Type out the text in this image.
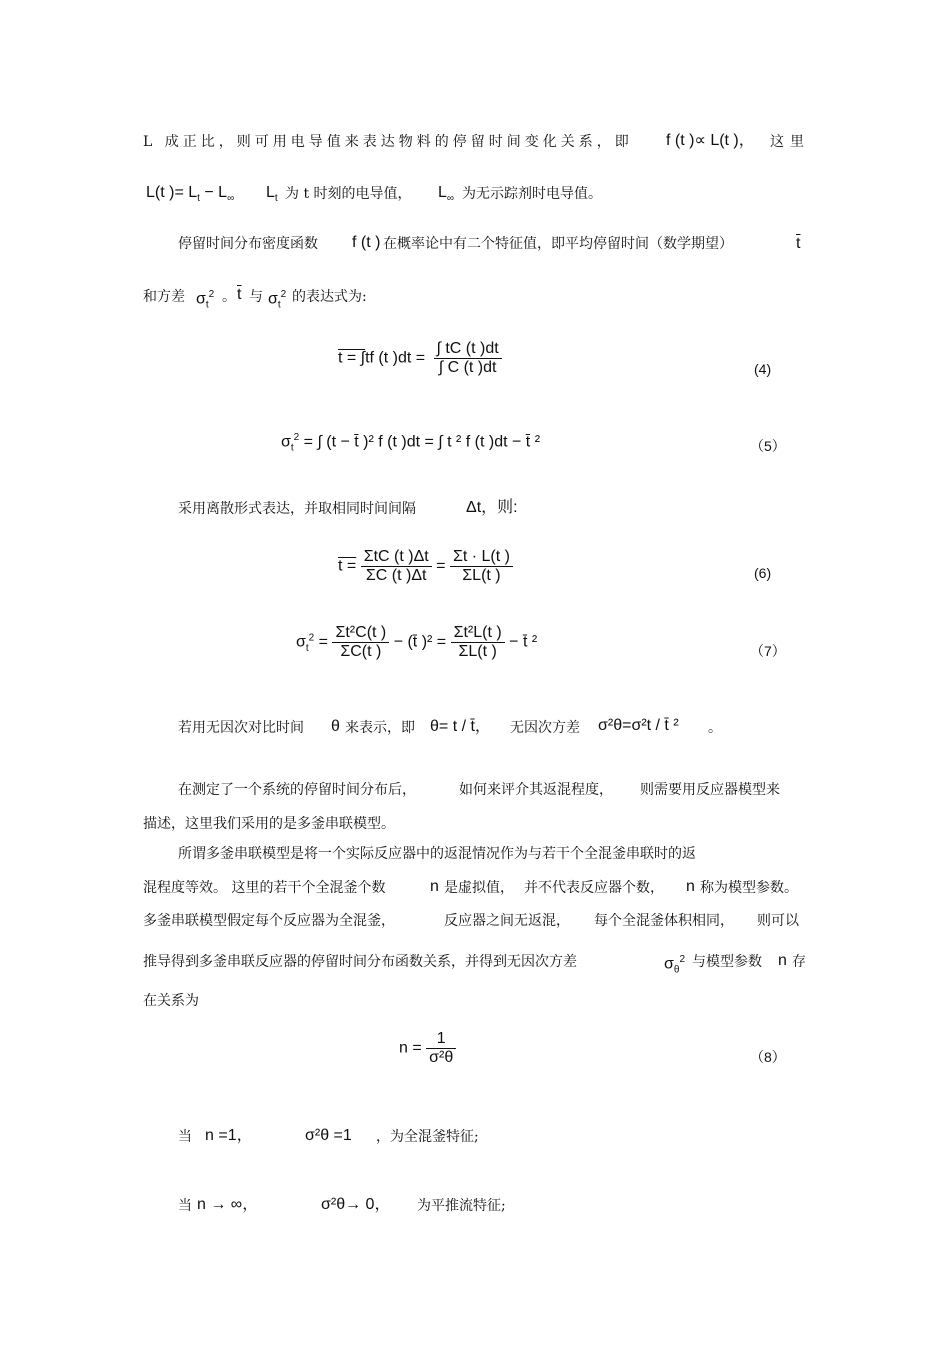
L 成正比，则可用电导值来表达物料的停留时间变化关系，即 f (t )∝ L(t )， 这里
L(t )= $L_t - L_\infty$ $L_t$ 为 t 时刻的电导值， $L_\infty$ 为无示踪剂时电导值。
停留时间分布密度函数 f (t ) 在概率论中有二个特征值，即平均停留时间（数学期望）	$\overline{t}$
和方差 $\sigma_t^2$ 。 $\overline{t}$ 与 $\sigma_t^2$ 的表达式为:
t = ∫tf (t )$dt = \frac{\int tC (t )dt}{\int C (t )dt}$	(4)
$\sigma_t^2$ = ∫ (t − t̄ )² f (t )dt = ∫ t ² f (t )dt − t̄ ²	（5）
采用离散形式表达，并取相同时间间隔	Δt，则:
$t = \frac{\text{ΣtC (t )Δt}}{\Sigma C (t )\Delta t} = \frac{\Sigma t \cdot L(t )}{\Sigma L(t )}$	(6)
$\sigma_t^2 = \frac{\text{Σt²C(t )}}{\Sigma C(t )}$ − (t̄ )$^2 = \frac{\text{Σt²L(t )}}{\Sigma L(t )}$ − t̄ ²
（7）
若用无因次对比时间 θ 来表示，即 θ= t / t̄， 无因次方差 σ²θ=σ²t / t̄ ² 。
在测定了一个系统的停留时间分布后，	如何来评介其返混程度， 则需要用反应器模型来
描述，这里我们采用的是多釜串联模型。
所谓多釜串联模型是将一个实际反应器中的返混情况作为与若干个全混釜串联时的返
混程度等效。 这里的若干个全混釜个数	n 是虚拟值， 并不代表反应器个数， n 称为模型参数。
多釜串联模型假定每个反应器为全混釜，	反应器之间无返混， 每个全混釜体积相同， 则可以
推导得到多釜串联反应器的停留时间分布函数关系，并得到无因次方差	$\sigma_\theta^2$ 与模型参数 n 存
在关系为
$n = \frac{1}{\text{σ²θ}}$	（8）
当 n =1，	σ²θ =1 ，为全混釜特征;
当 n → ∞，	σ²θ→ 0， 为平推流特征;
